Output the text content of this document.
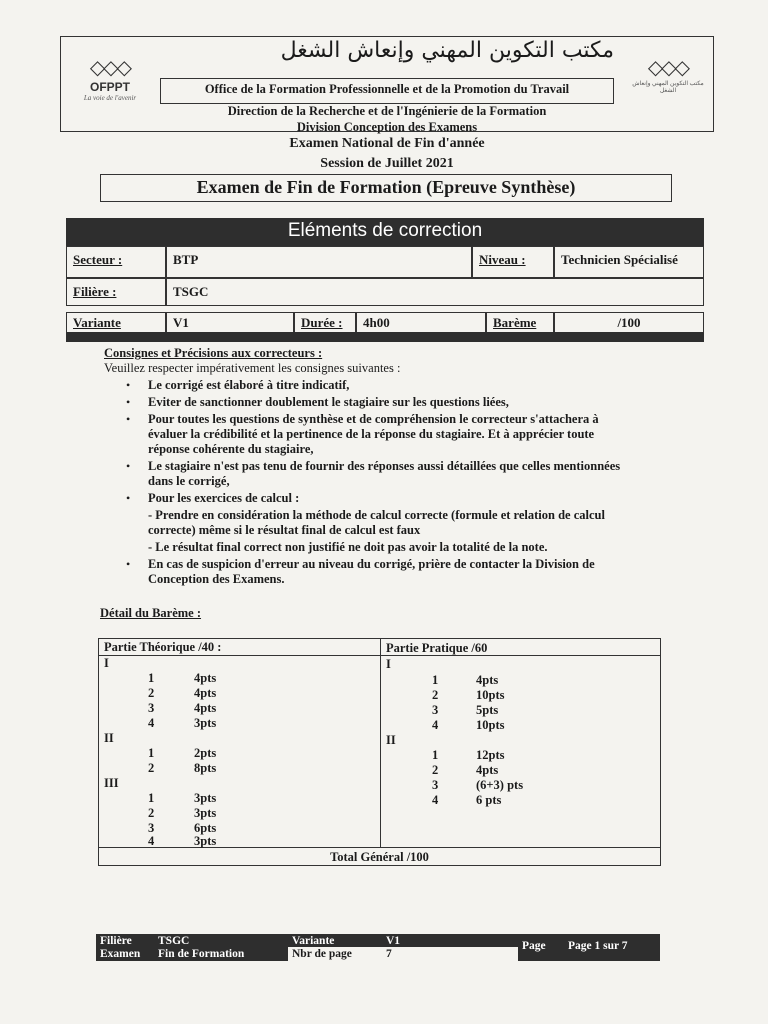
◇◇◇
OFPPT
La voie de l'avenir
◇◇◇
مكتب التكوين المهني وإنعاش الشغل
مكتب التكوين المهني وإنعاش الشغل
Office de la Formation Professionnelle et de la Promotion du Travail
Direction de la Recherche et de l'Ingénierie de la Formation
Division Conception des Examens
Examen National de Fin d'année
Session de Juillet 2021
Examen de Fin de Formation (Epreuve Synthèse)
Eléments de correction
Secteur :	BTP	Niveau :	Technicien Spécialisé
Filière :	TSGC
Variante	V1	Durée :	4h00	Barème	/100
Consignes et Précisions aux correcteurs :
Veuillez respecter impérativement les consignes suivantes :
• Le corrigé est élaboré à titre indicatif,
• Eviter de sanctionner doublement le stagiaire sur les questions liées,
• Pour toutes les questions de synthèse et de compréhension le correcteur s'attachera à
évaluer la crédibilité et la pertinence de la réponse du stagiaire. Et à apprécier toute
réponse cohérente du stagiaire,
• Le stagiaire n'est pas tenu de fournir des réponses aussi détaillées que celles mentionnées
dans le corrigé,
• Pour les exercices de calcul :
- Prendre en considération la méthode de calcul correcte (formule et relation de calcul
correcte) même si le résultat final de calcul est faux
- Le résultat final correct non justifié ne doit pas avoir la totalité de la note.
• En cas de suspicion d'erreur au niveau du corrigé, prière de contacter la Division de
Conception des Examens.
Détail du Barème :
Partie Théorique /40 :	Partie Pratique /60
Total Général /100
I
1	4pts
2	4pts
3	4pts
4	3pts
II
1	2pts
2	8pts
III
1	3pts
2	3pts
3	6pts
4	3pts
I
1	4pts
2	10pts
3	5pts
4	10pts
II
1	12pts
2	4pts
3	(6+3) pts
4	6 pts
Filière	TSGC	Variante	V1	Page	Page 1 sur 7
Examen	Fin de Formation	Nbr de page	7
